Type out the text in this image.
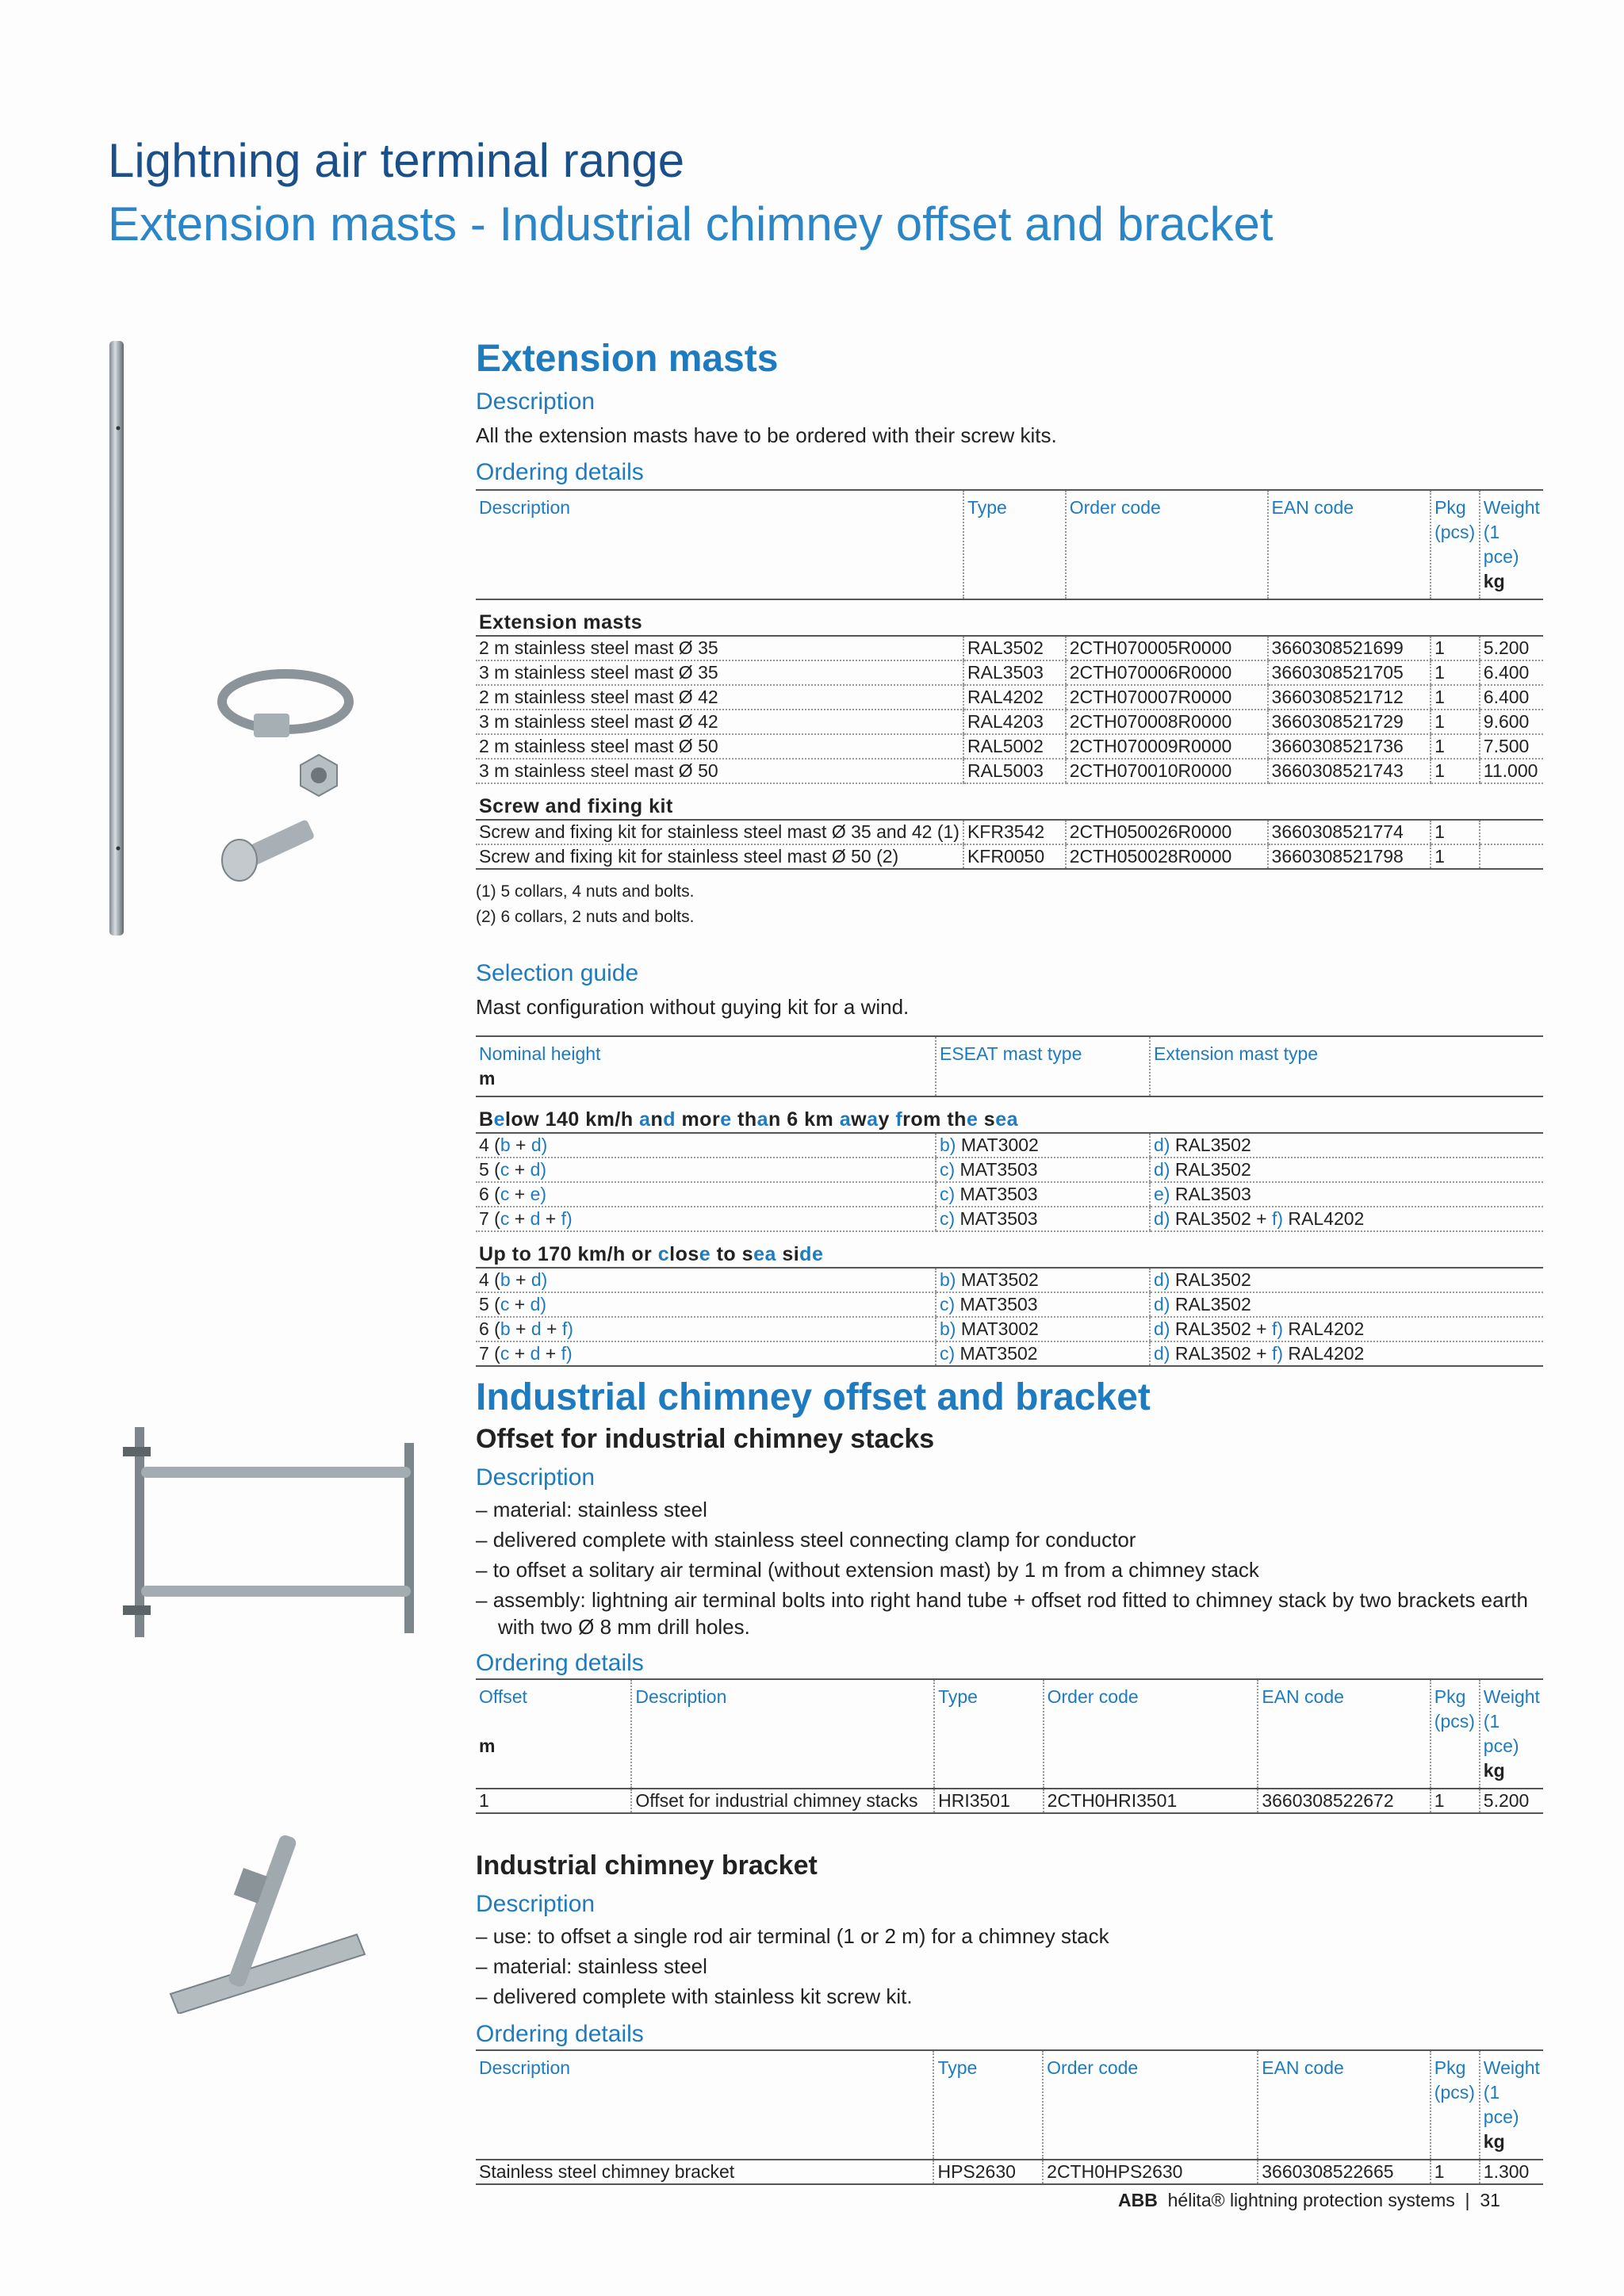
Lightning air terminal range
Extension masts - Industrial chimney offset and bracket
Extension masts
Description

All the extension masts have to be ordered with their screw kits.

Ordering details
Description	Type	Order code	EAN code	Pkg (pcs)	Weight (1 pce)
kg
Extension masts					
2 m stainless steel mast Ø 35	RAL3502	2CTH070005R0000	3660308521699	1	5.200
3 m stainless steel mast Ø 35	RAL3503	2CTH070006R0000	3660308521705	1	6.400
2 m stainless steel mast Ø 42	RAL4202	2CTH070007R0000	3660308521712	1	6.400
3 m stainless steel mast Ø 42	RAL4203	2CTH070008R0000	3660308521729	1	9.600
2 m stainless steel mast Ø 50	RAL5002	2CTH070009R0000	3660308521736	1	7.500
3 m stainless steel mast Ø 50	RAL5003	2CTH070010R0000	3660308521743	1	11.000
Screw and fixing kit					
Screw and fixing kit for stainless steel mast Ø 35 and 42 (1)	KFR3542	2CTH050026R0000	3660308521774	1	
Screw and fixing kit for stainless steel mast Ø 50 (2)	KFR0050	2CTH050028R0000	3660308521798	1	

(1) 5 collars, 4 nuts and bolts.

(2) 6 collars, 2 nuts and bolts.

Selection guide

Mast configuration without guying kit for a wind.

Nominal height
m	ESEAT mast type	Extension mast type
Below 140 km/h and more than 6 km away from the sea		
4 (b + d)	b) MAT3002	d) RAL3502
5 (c + d)	c) MAT3503	d) RAL3502
6 (c + e)	c) MAT3503	e) RAL3503
7 (c + d + f)	c) MAT3503	d) RAL3502 + f) RAL4202
Up to 170 km/h or close to sea side		
4 (b + d)	b) MAT3502	d) RAL3502
5 (c + d)	c) MAT3503	d) RAL3502
6 (b + d + f)	b) MAT3002	d) RAL3502 + f) RAL4202
7 (c + d + f)	c) MAT3502	d) RAL3502 + f) RAL4202
Industrial chimney offset and bracket
Offset for industrial chimney stacks
Description
– material: stainless steel
– delivered complete with stainless steel connecting clamp for conductor
– to offset a solitary air terminal (without extension mast) by 1 m from a chimney stack
– assembly: lightning air terminal bolts into right hand tube + offset rod fitted to chimney stack by two brackets earth with two Ø 8 mm drill holes.
Ordering details
Offset

m	Description	Type	Order code	EAN code	Pkg (pcs)	Weight (1 pce)
kg
1	Offset for industrial chimney stacks	HRI3501	2CTH0HRI3501	3660308522672	1	5.200
Industrial chimney bracket
Description
– use: to offset a single rod air terminal (1 or 2 m) for a chimney stack
– material: stainless steel
– delivered complete with stainless kit screw kit.
Ordering details
Description	Type	Order code	EAN code	Pkg (pcs)	Weight (1 pce)
kg
Stainless steel chimney bracket	HPS2630	2CTH0HPS2630	3660308522665	1	1.300
ABB hélita® lightning protection systems | 31
